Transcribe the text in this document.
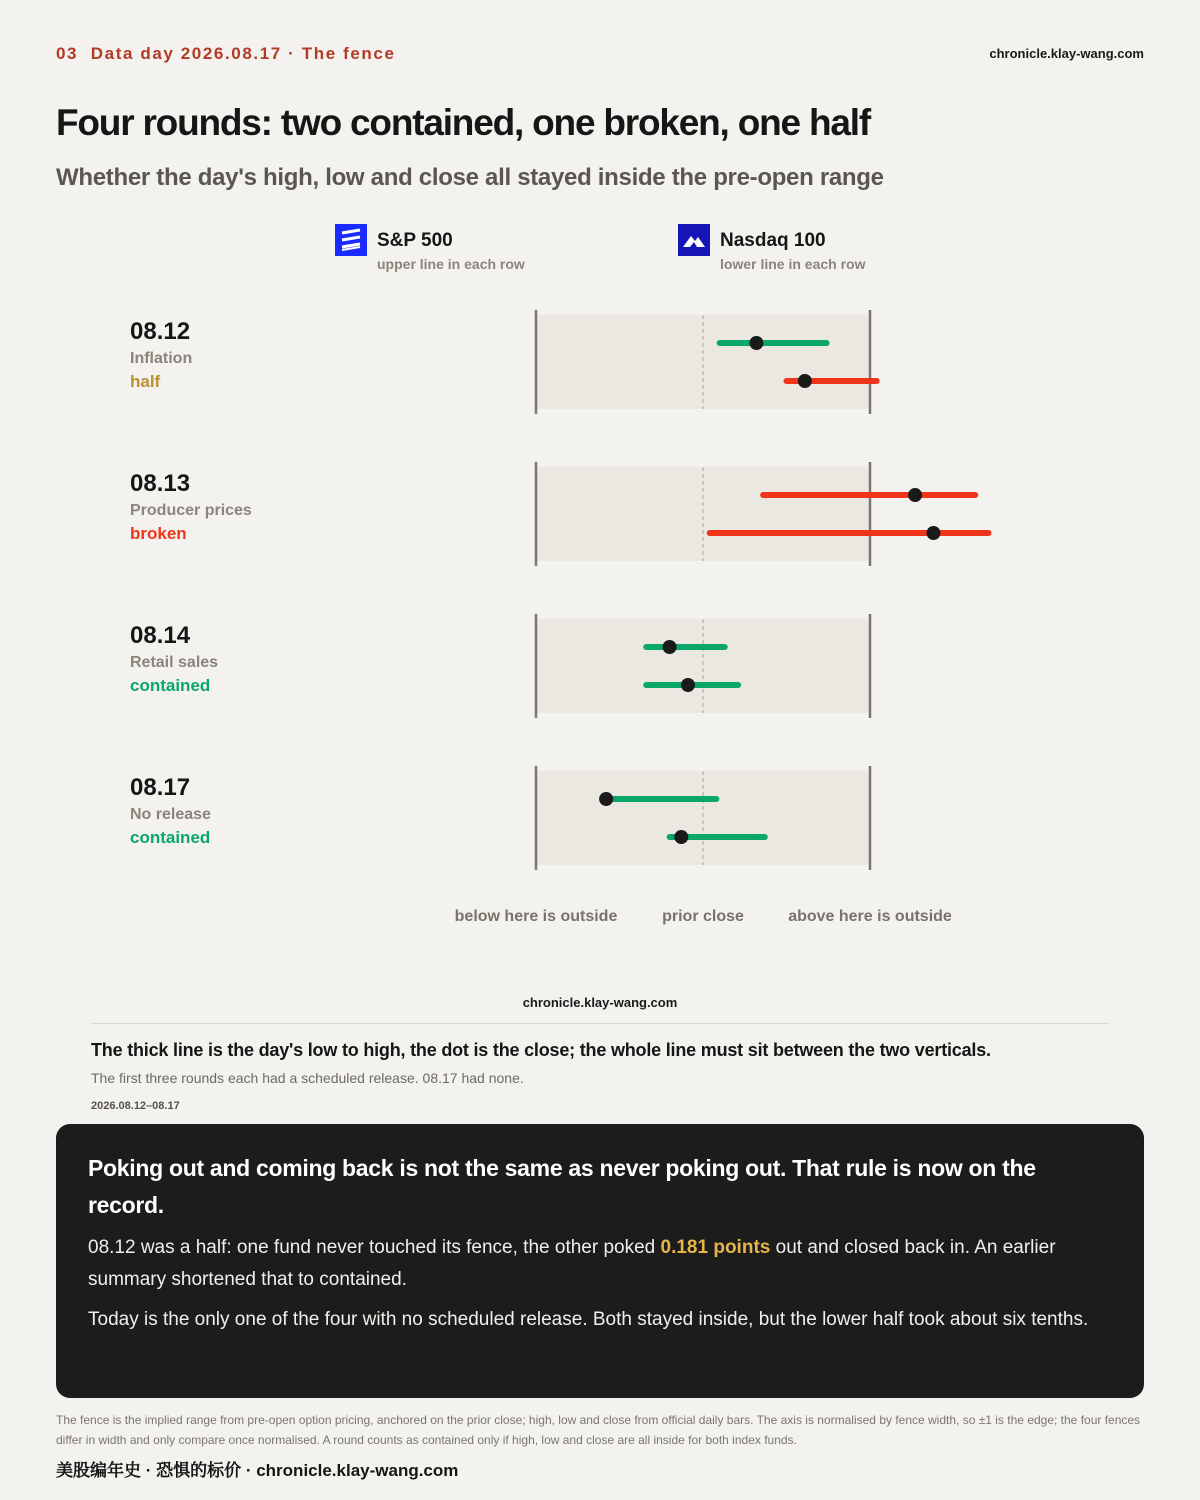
03 Data day 2026.08.17 · The fence	chronicle.klay-wang.com
Four rounds: two contained, one broken, one half
Whether the day's high, low and close all stayed inside the pre-open range
S&P 500
upper line in each row
Nasdaq 100
lower line in each row
08.12
Inflation
half
08.13
Producer prices
broken
08.14
Retail sales
contained
08.17
No release
contained
below here is outside	prior close	above here is outside
chronicle.klay-wang.com
The thick line is the day's low to high, the dot is the close; the whole line must sit between the two verticals.
The first three rounds each had a scheduled release. 08.17 had none.
2026.08.12–08.17
Poking out and coming back is not the same as never poking out. That rule is now on the record.
08.12 was a half: one fund never touched its fence, the other poked 0.181 points out and closed back in. An earlier summary shortened that to contained.
Today is the only one of the four with no scheduled release. Both stayed inside, but the lower half took about six tenths.
The fence is the implied range from pre-open option pricing, anchored on the prior close; high, low and close from official daily bars. The axis is normalised by fence width, so ±1 is the edge; the four fences differ in width and only compare once normalised. A round counts as contained only if high, low and close are all inside for both index funds.
美股编年史 · 恐惧的标价 · chronicle.klay-wang.com
